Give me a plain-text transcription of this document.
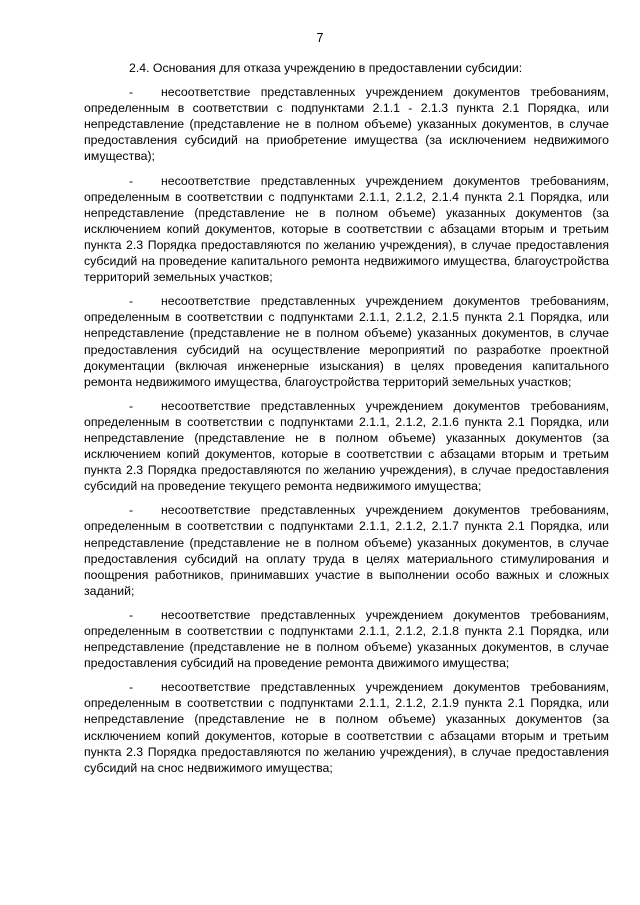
7

2.4. Основания для отказа учреждению в предоставлении субсидии:

- несоответствие представленных учреждением документов требованиям, определенным в соответствии с подпунктами 2.1.1 - 2.1.3 пункта 2.1 Порядка, или непредставление (представление не в полном объеме) указанных документов, в случае предоставления субсидий на приобретение имущества (за исключением недвижимого имущества);

- несоответствие представленных учреждением документов требованиям, определенным в соответствии с подпунктами 2.1.1, 2.1.2, 2.1.4 пункта 2.1 Порядка, или непредставление (представление не в полном объеме) указанных документов (за исключением копий документов, которые в соответствии с абзацами вторым и третьим пункта 2.3 Порядка предоставляются по желанию учреждения), в случае предоставления субсидий на проведение капитального ремонта недвижимого имущества, благоустройства территорий земельных участков;

- несоответствие представленных учреждением документов требованиям, определенным в соответствии с подпунктами 2.1.1, 2.1.2, 2.1.5 пункта 2.1 Порядка, или непредставление (представление не в полном объеме) указанных документов, в случае предоставления субсидий на осуществление мероприятий по разработке проектной документации (включая инженерные изыскания) в целях проведения капитального ремонта недвижимого имущества, благоустройства территорий земельных участков;

- несоответствие представленных учреждением документов требованиям, определенным в соответствии с подпунктами 2.1.1, 2.1.2, 2.1.6 пункта 2.1 Порядка, или непредставление (представление не в полном объеме) указанных документов (за исключением копий документов, которые в соответствии с абзацами вторым и третьим пункта 2.3 Порядка предоставляются по желанию учреждения), в случае предоставления субсидий на проведение текущего ремонта недвижимого имущества;

- несоответствие представленных учреждением документов требованиям, определенным в соответствии с подпунктами 2.1.1, 2.1.2, 2.1.7 пункта 2.1 Порядка, или непредставление (представление не в полном объеме) указанных документов, в случае предоставления субсидий на оплату труда в целях материального стимулирования и поощрения работников, принимавших участие в выполнении особо важных и сложных заданий;

- несоответствие представленных учреждением документов требованиям, определенным в соответствии с подпунктами 2.1.1, 2.1.2, 2.1.8 пункта 2.1 Порядка, или непредставление (представление не в полном объеме) указанных документов, в случае предоставления субсидий на проведение ремонта движимого имущества;

- несоответствие представленных учреждением документов требованиям, определенным в соответствии с подпунктами 2.1.1, 2.1.2, 2.1.9 пункта 2.1 Порядка, или непредставление (представление не в полном объеме) указанных документов (за исключением копий документов, которые в соответствии с абзацами вторым и третьим пункта 2.3 Порядка предоставляются по желанию учреждения), в случае предоставления субсидий на снос недвижимого имущества;
